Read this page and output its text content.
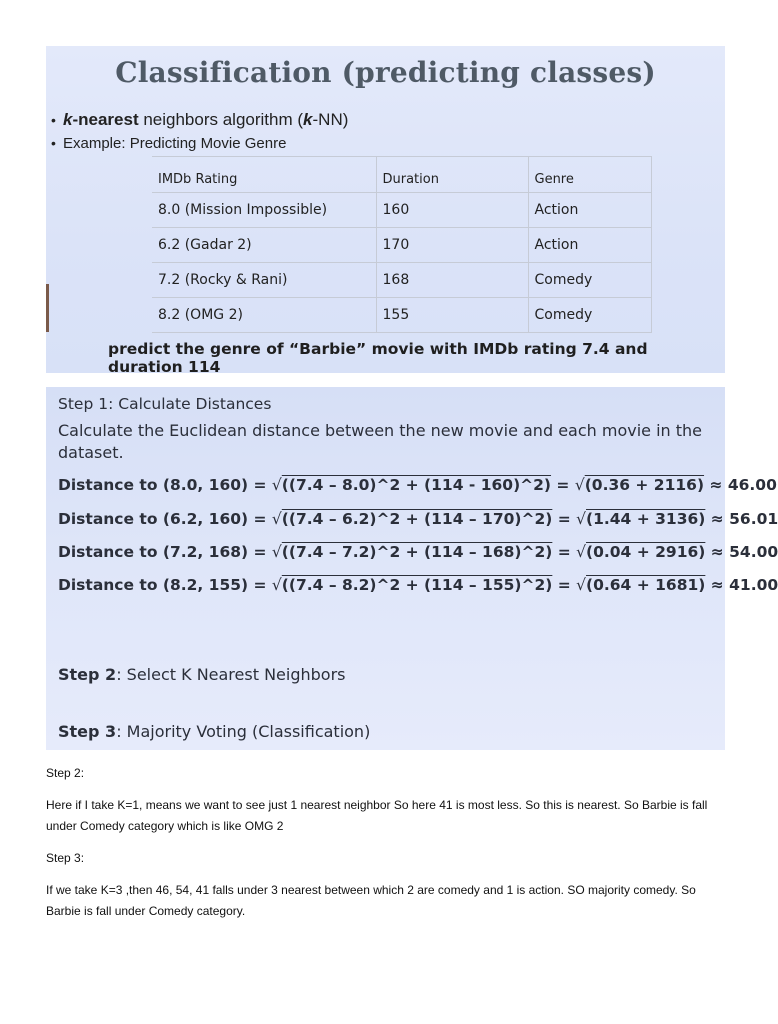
Classification (predicting classes)
• k-nearest neighbors algorithm (k-NN)
• Example: Predicting Movie Genre
IMDb Rating	Duration	Genre
8.0 (Mission Impossible)	160	Action
6.2 (Gadar 2)	170	Action
7.2 (Rocky & Rani)	168	Comedy
8.2 (OMG 2)	155	Comedy
predict the genre of “Barbie” movie with IMDb rating 7.4 and duration 114
Step 1: Calculate Distances
Calculate the Euclidean distance between the new movie and each movie in the dataset.
Distance to (8.0, 160) = √((7.4 – 8.0)^2 + (114 - 160)^2) = √(0.36 + 2116) ≈ 46.00
Distance to (6.2, 160) = √((7.4 – 6.2)^2 + (114 – 170)^2) = √(1.44 + 3136) ≈ 56.01
Distance to (7.2, 168) = √((7.4 – 7.2)^2 + (114 – 168)^2) = √(0.04 + 2916) ≈ 54.00
Distance to (8.2, 155) = √((7.4 – 8.2)^2 + (114 – 155)^2) = √(0.64 + 1681) ≈ 41.00
Step 2: Select K Nearest Neighbors
Step 3: Majority Voting (Classification)
Step 2:
Here if I take K=1, means we want to see just 1 nearest neighbor So here 41 is most less. So this is nearest. So Barbie is fall under Comedy category which is like OMG 2
Step 3:
If we take K=3 ,then 46, 54, 41 falls under 3 nearest between which 2 are comedy and 1 is action. SO majority comedy. So Barbie is fall under Comedy category.
